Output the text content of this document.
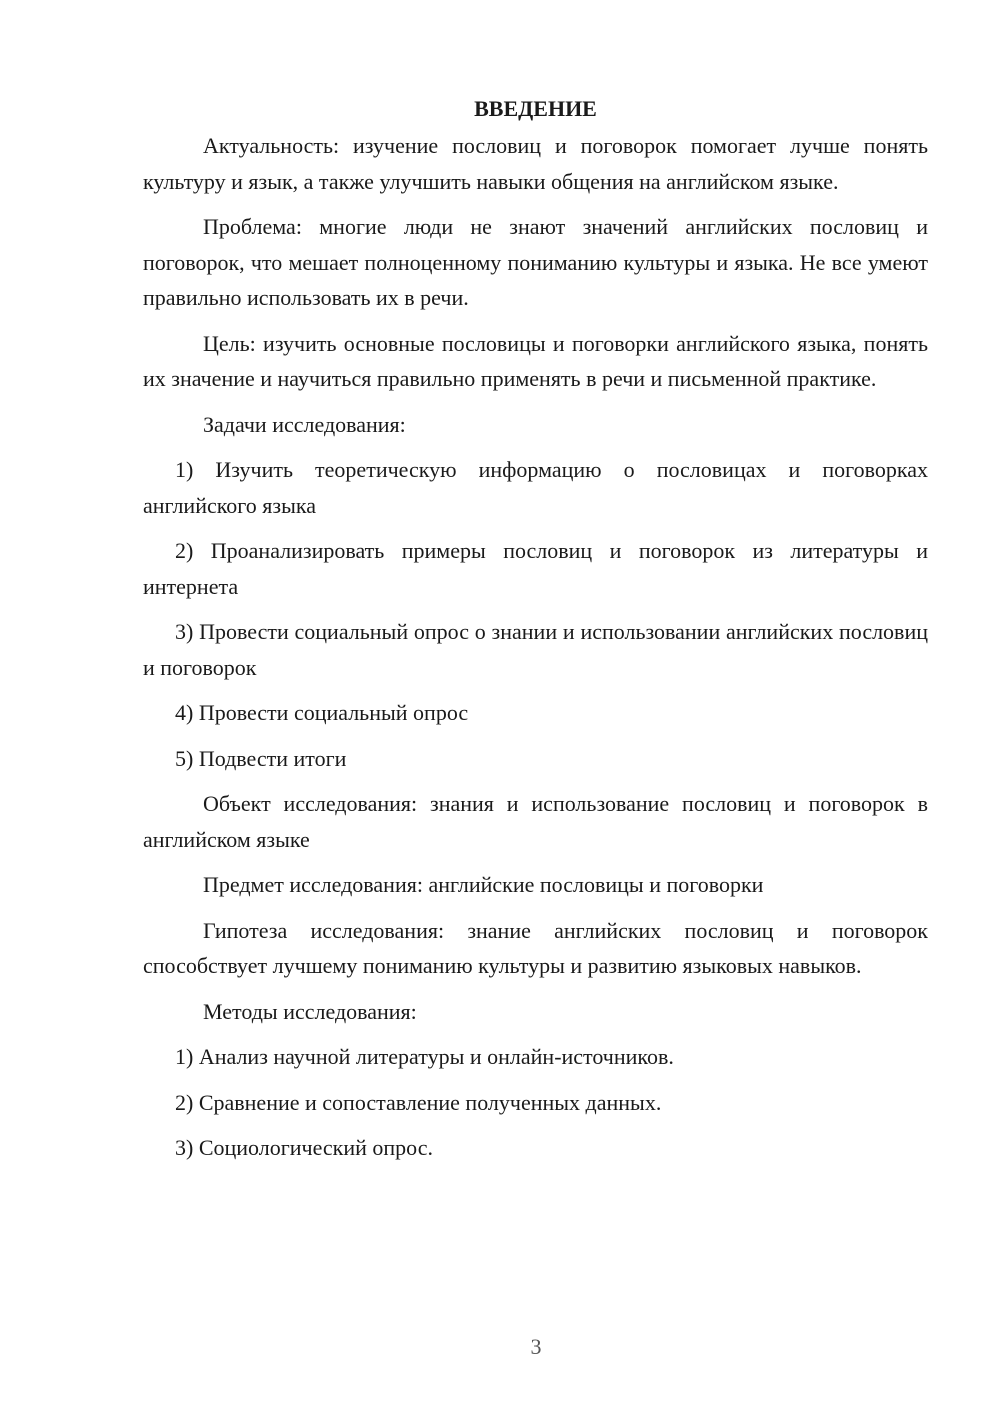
ВВЕДЕНИЕ

Актуальность: изучение пословиц и поговорок помогает лучше понять культуру и язык, а также улучшить навыки общения на английском языке.

Проблема: многие люди не знают значений английских пословиц и поговорок, что мешает полноценному пониманию культуры и языка. Не все умеют правильно использовать их в речи.

Цель: изучить основные пословицы и поговорки английского языка, понять их значение и научиться правильно применять в речи и письменной практике.

Задачи исследования:

1) Изучить теоретическую информацию о пословицах и поговорках английского языка

2) Проанализировать примеры пословиц и поговорок из литературы и интернета

3) Провести социальный опрос о знании и использовании английских пословиц и поговорок

4) Провести социальный опрос

5) Подвести итоги

Объект исследования: знания и использование пословиц и поговорок в английском языке

Предмет исследования: английские пословицы и поговорки

Гипотеза исследования: знание английских пословиц и поговорок способствует лучшему пониманию культуры и развитию языковых навыков.

Методы исследования:

1) Анализ научной литературы и онлайн-источников.

2) Сравнение и сопоставление полученных данных.

3) Социологический опрос.

3
